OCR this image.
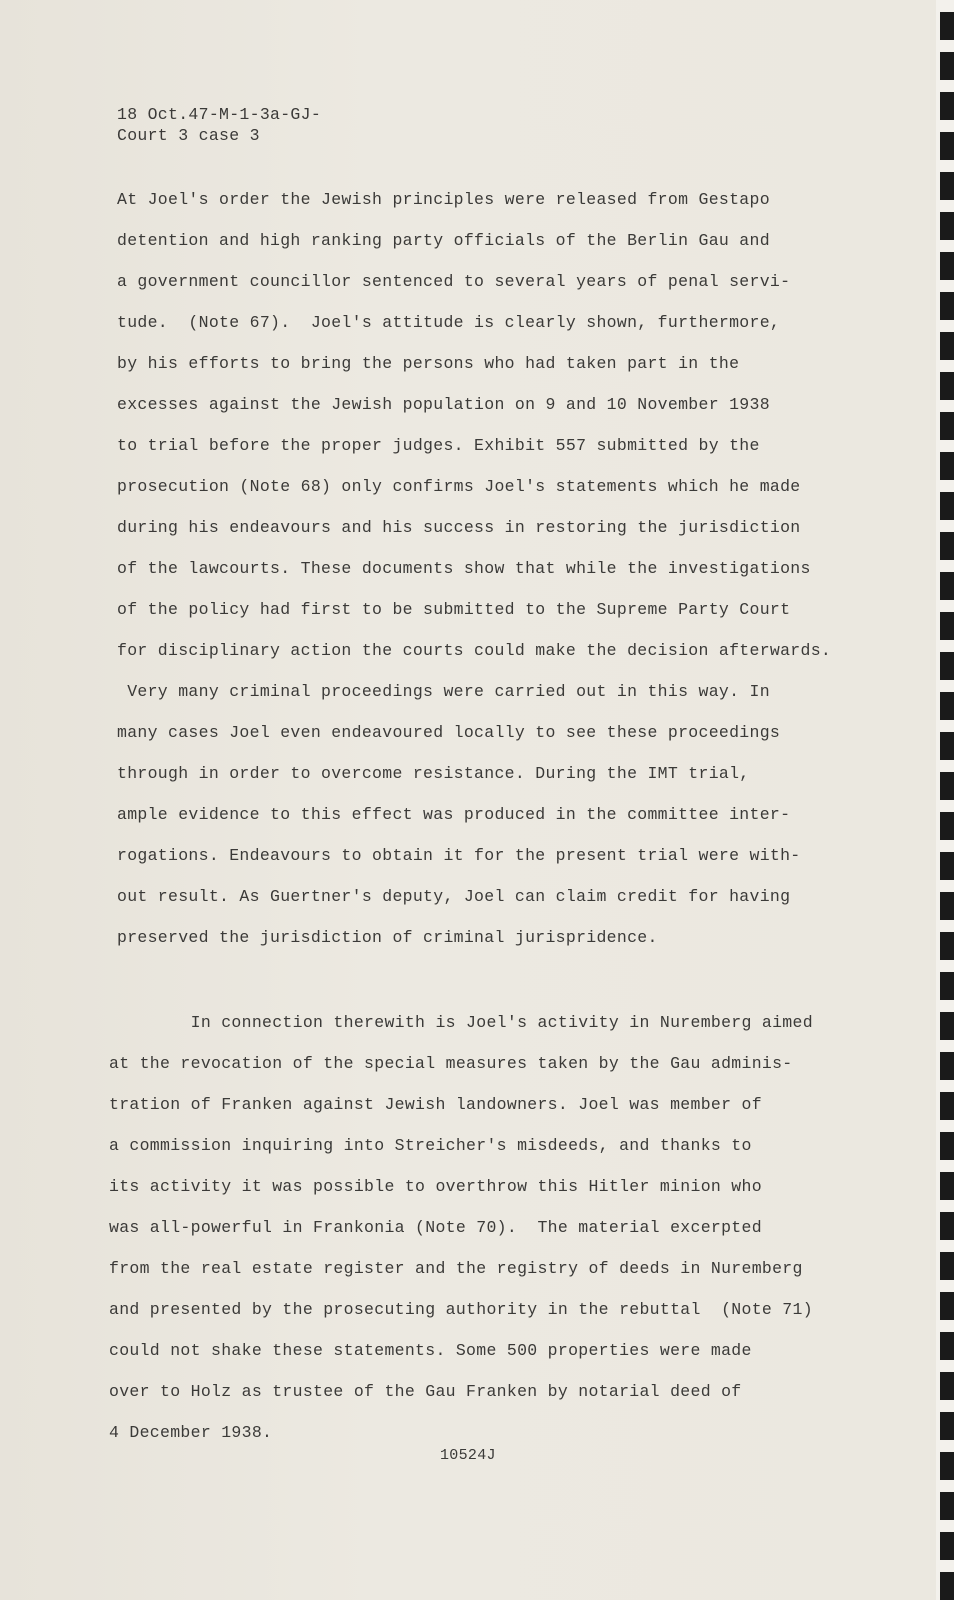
18 Oct.47-M-1-3a-GJ-
Court 3 case 3
At Joel's order the Jewish principles were released from Gestapo
detention and high ranking party officials of the Berlin Gau and
a government councillor sentenced to several years of penal servi-
tude.  (Note 67).  Joel's attitude is clearly shown, furthermore,
by his efforts to bring the persons who had taken part in the
excesses against the Jewish population on 9 and 10 November 1938
to trial before the proper judges. Exhibit 557 submitted by the
prosecution (Note 68) only confirms Joel's statements which he made
during his endeavours and his success in restoring the jurisdiction
of the lawcourts. These documents show that while the investigations
of the policy had first to be submitted to the Supreme Party Court
for disciplinary action the courts could make the decision afterwards.
Very many criminal proceedings were carried out in this way. In
many cases Joel even endeavoured locally to see these proceedings
through in order to overcome resistance. During the IMT trial,
ample evidence to this effect was produced in the committee inter-
rogations. Endeavours to obtain it for the present trial were with-
out result. As Guertner's deputy, Joel can claim credit for having
preserved the jurisdiction of criminal jurispridence.
In connection therewith is Joel's activity in Nuremberg aimed
at the revocation of the special measures taken by the Gau adminis-
tration of Franken against Jewish landowners. Joel was member of
a commission inquiring into Streicher's misdeeds, and thanks to
its activity it was possible to overthrow this Hitler minion who
was all-powerful in Frankonia (Note 70).  The material excerpted
from the real estate register and the registry of deeds in Nuremberg
and presented by the prosecuting authority in the rebuttal  (Note 71)
could not shake these statements. Some 500 properties were made
over to Holz as trustee of the Gau Franken by notarial deed of
4 December 1938.
10524J
